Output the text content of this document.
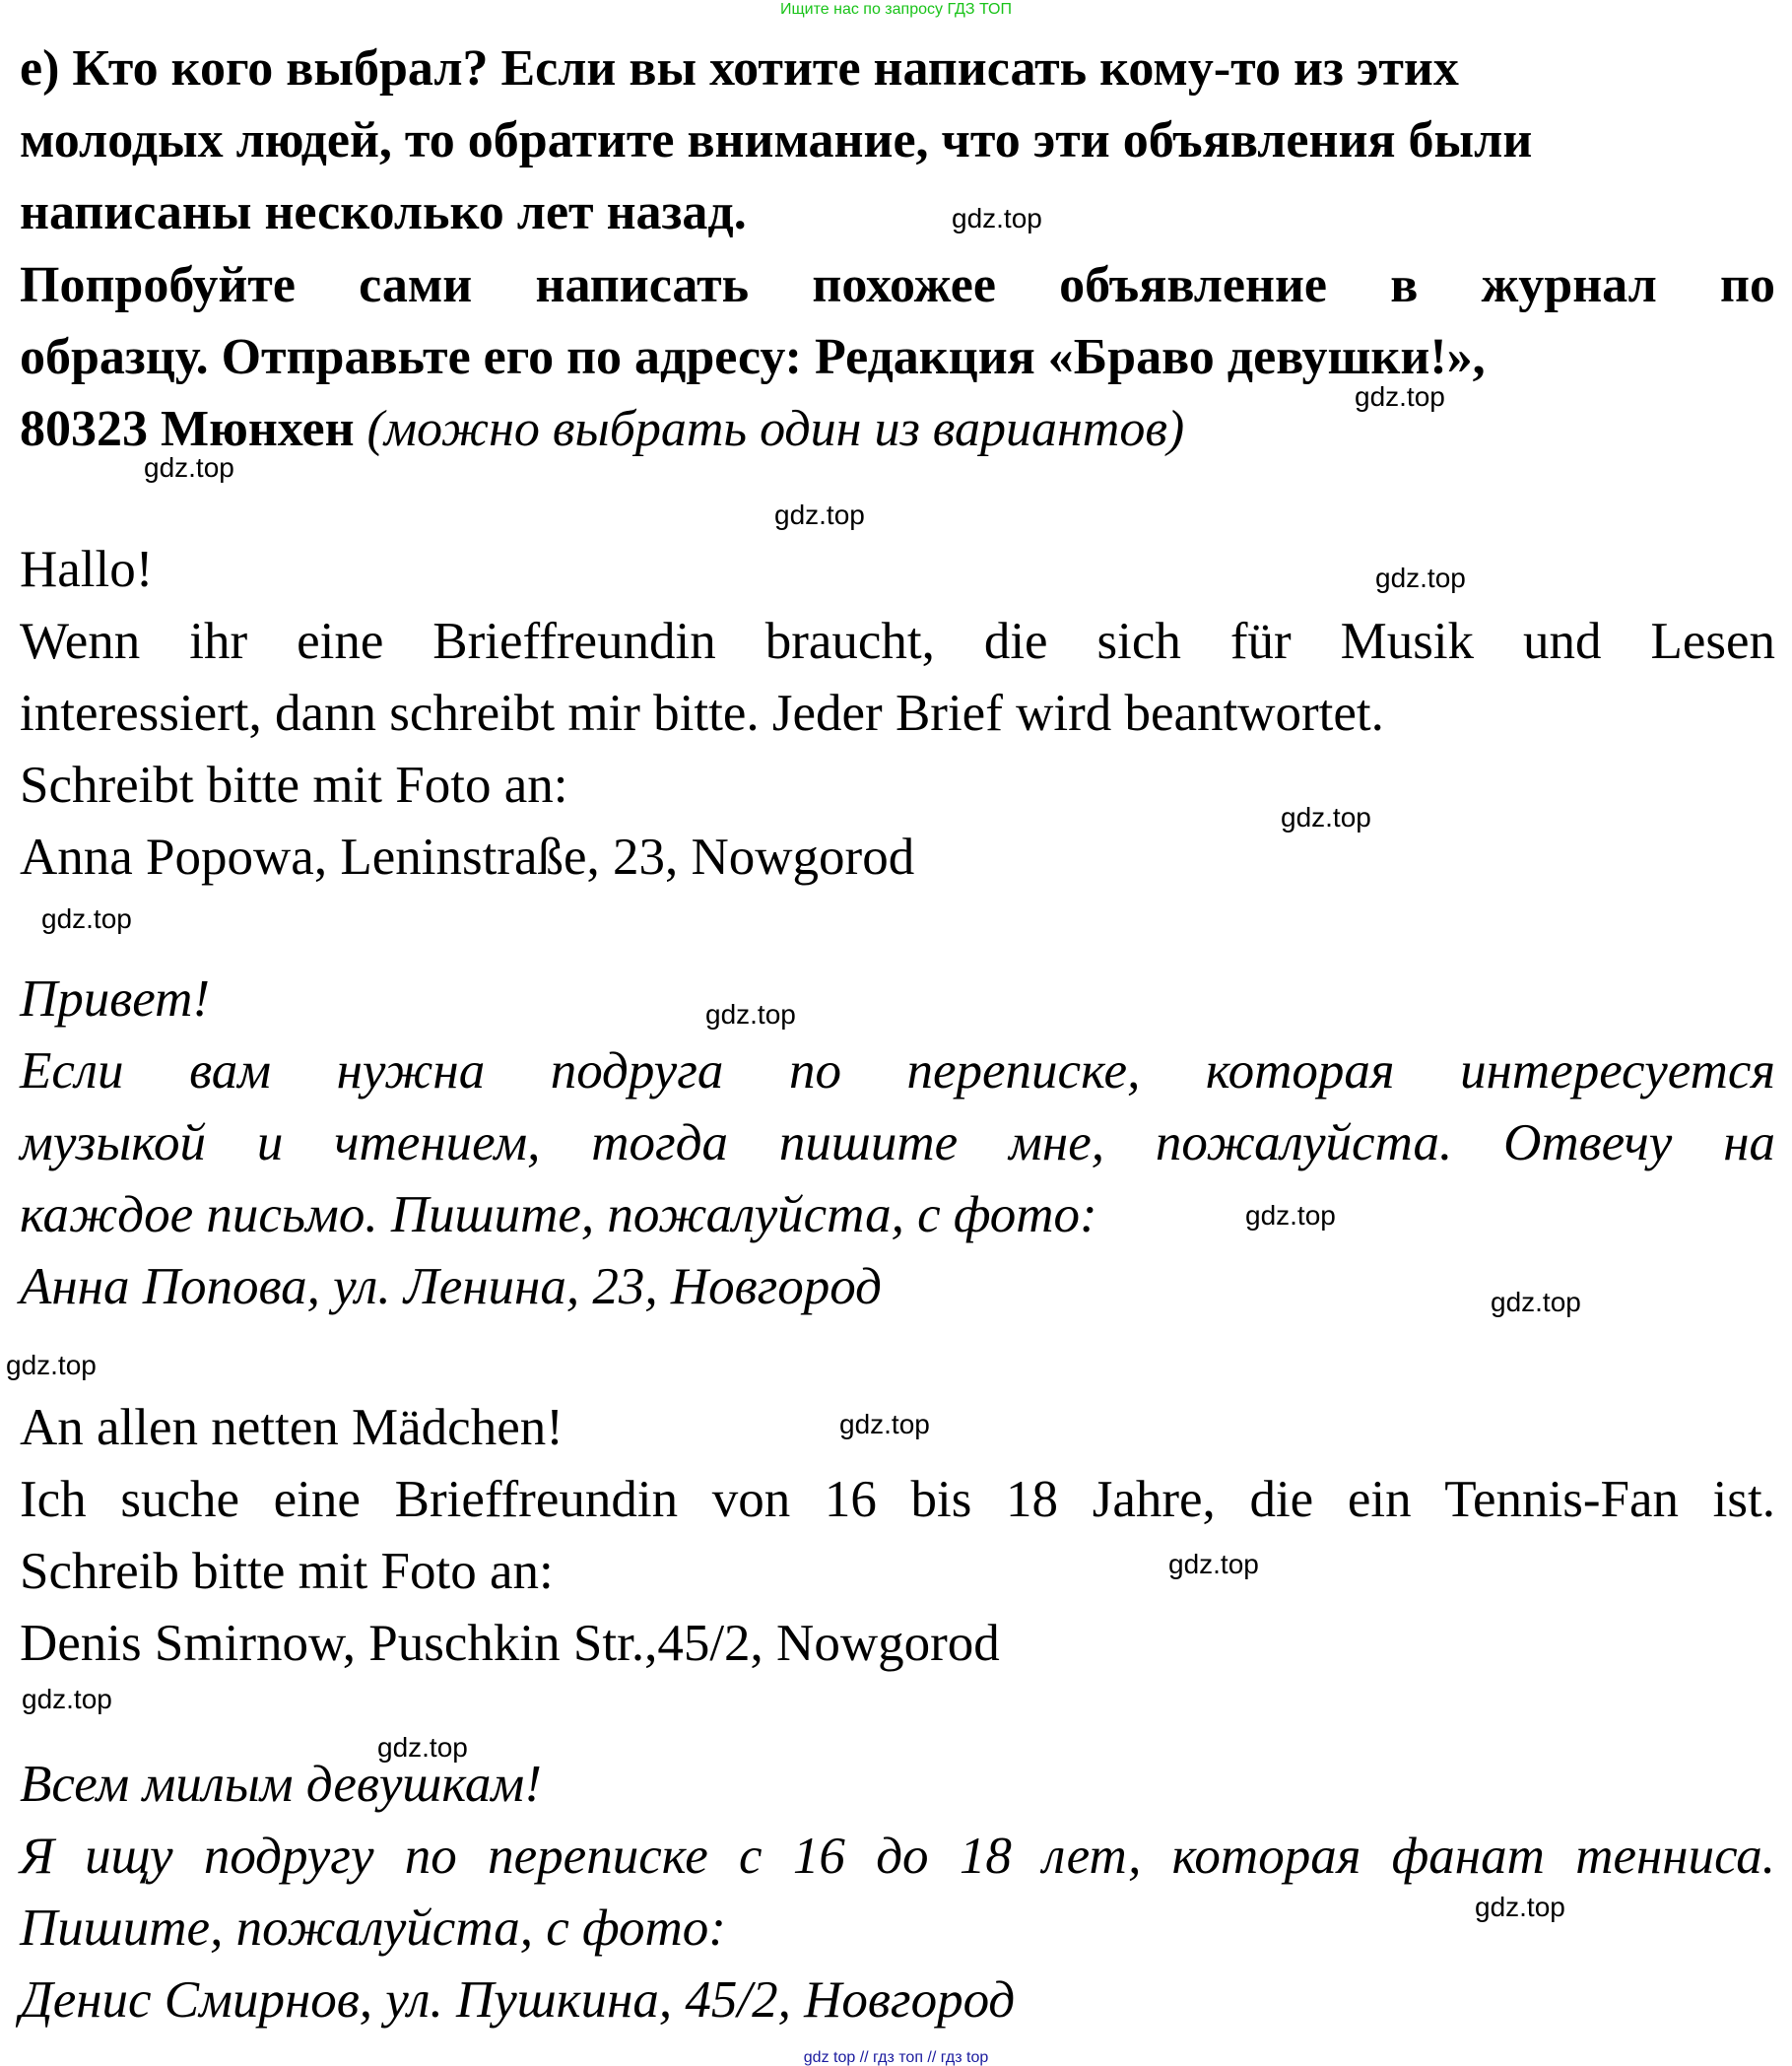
Ищите нас по запросу ГДЗ ТОП
е) Кто кого выбрал? Если вы хотите написать кому-то из этих
молодых людей, то обратите внимание, что эти объявления были
написаны несколько лет назад.
Попробуйте сами написать похожее объявление в журнал по
образцу. Отправьте его по адресу: Редакция «Браво девушки!»,
80323 Мюнхен (можно выбрать один из вариантов)
Hallo!
Wenn ihr eine Brieffreundin braucht, die sich für Musik und Lesen
interessiert, dann schreibt mir bitte. Jeder Brief wird beantwortet.
Schreibt bitte mit Foto an:
Anna Popowa, Leninstraße, 23, Nowgorod
Привет!
Если вам нужна подруга по переписке, которая интересуется
музыкой и чтением, тогда пишите мне, пожалуйста. Отвечу на
каждое письмо. Пишите, пожалуйста, с фото:
Анна Попова, ул. Ленина, 23, Новгород
An allen netten Mädchen!
Ich suche eine Brieffreundin von 16 bis 18 Jahre, die ein Tennis-Fan ist.
Schreib bitte mit Foto an:
Denis Smirnow, Puschkin Str.,45/2, Nowgorod
Всем милым девушкам!
Я ищу подругу по переписке с 16 до 18 лет, которая фанат тенниса.
Пишите, пожалуйста, с фото:
Денис Смирнов, ул. Пушкина, 45/2, Новгород
gdz.top
gdz.top
gdz.top
gdz.top
gdz.top
gdz.top
gdz.top
gdz.top
gdz.top
gdz.top
gdz.top
gdz.top
gdz.top
gdz.top
gdz.top
gdz.top
gdz top // гдз топ // гдз top
